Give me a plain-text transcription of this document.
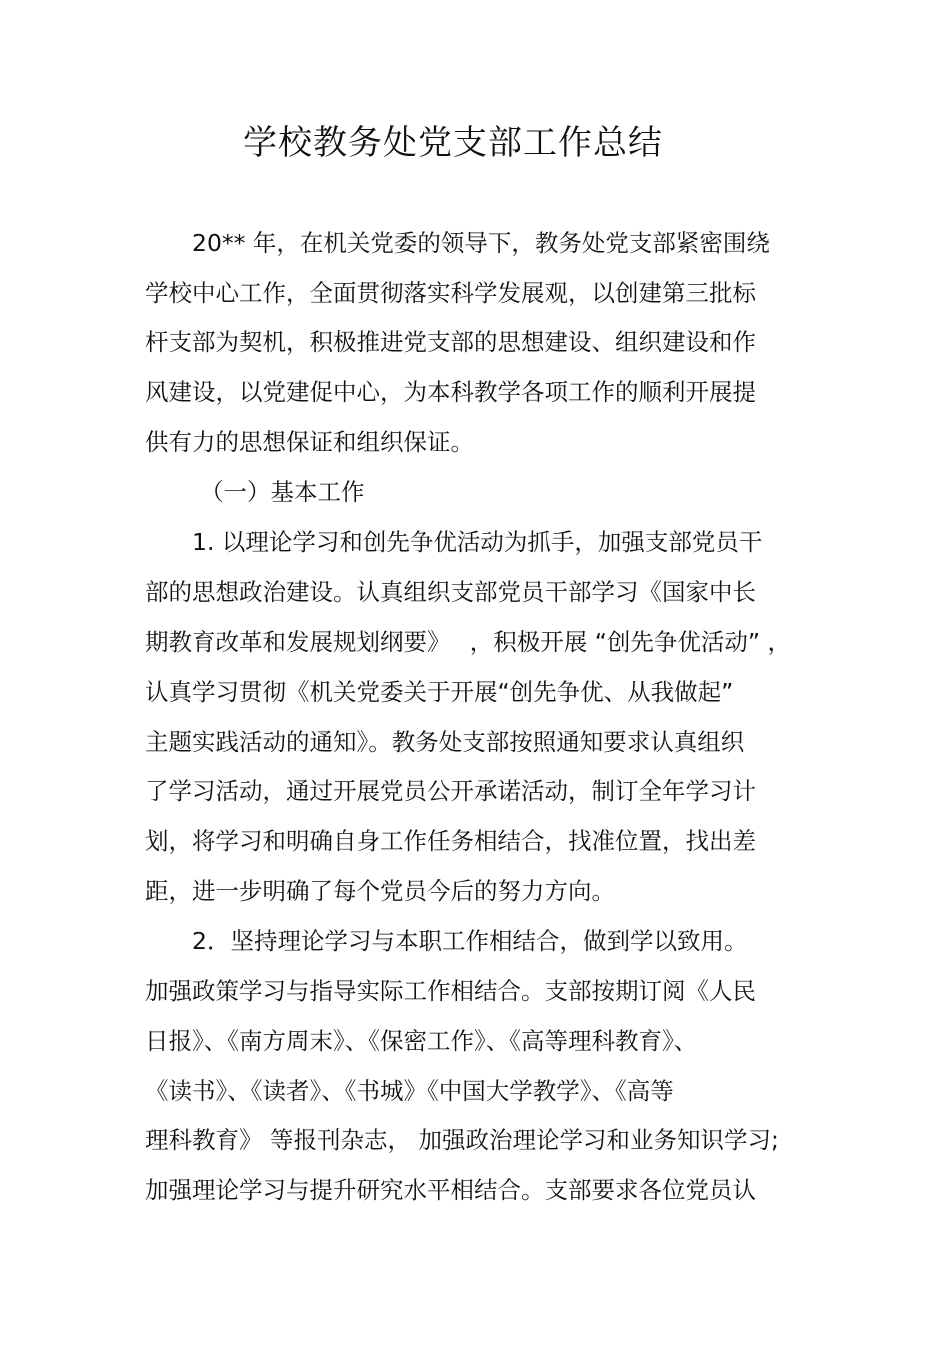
学校教务处党支部工作总结
20** 年，在机关党委的领导下，教务处党支部紧密围绕
学校中心工作，全面贯彻落实科学发展观，以创建第三批标
杆支部为契机，积极推进党支部的思想建设、组织建设和作
风建设，以党建促中心，为本科教学各项工作的顺利开展提
供有力的思想保证和组织保证。
（一）基本工作
1. 以理论学习和创先争优活动为抓手，加强支部党员干
部的思想政治建设。认真组织支部党员干部学习《国家中长
期教育改革和发展规划纲要》　 ，积极开展 “创先争优活动” ，
认真学习贯彻《机关党委关于开展“创先争优、从我做起”
主题实践活动的通知》。教务处支部按照通知要求认真组织
了学习活动，通过开展党员公开承诺活动，制订全年学习计
划，将学习和明确自身工作任务相结合，找准位置，找出差
距，进一步明确了每个党员今后的努力方向。
2．坚持理论学习与本职工作相结合，做到学以致用。
加强政策学习与指导实际工作相结合。支部按期订阅《人民
日报》、《南方周末》、《保密工作》、《高等理科教育》、
《读书》、《读者》、《书城》《中国大学教学》、《高等
理科教育》 等报刊杂志， 加强政治理论学习和业务知识学习;
加强理论学习与提升研究水平相结合。支部要求各位党员认
